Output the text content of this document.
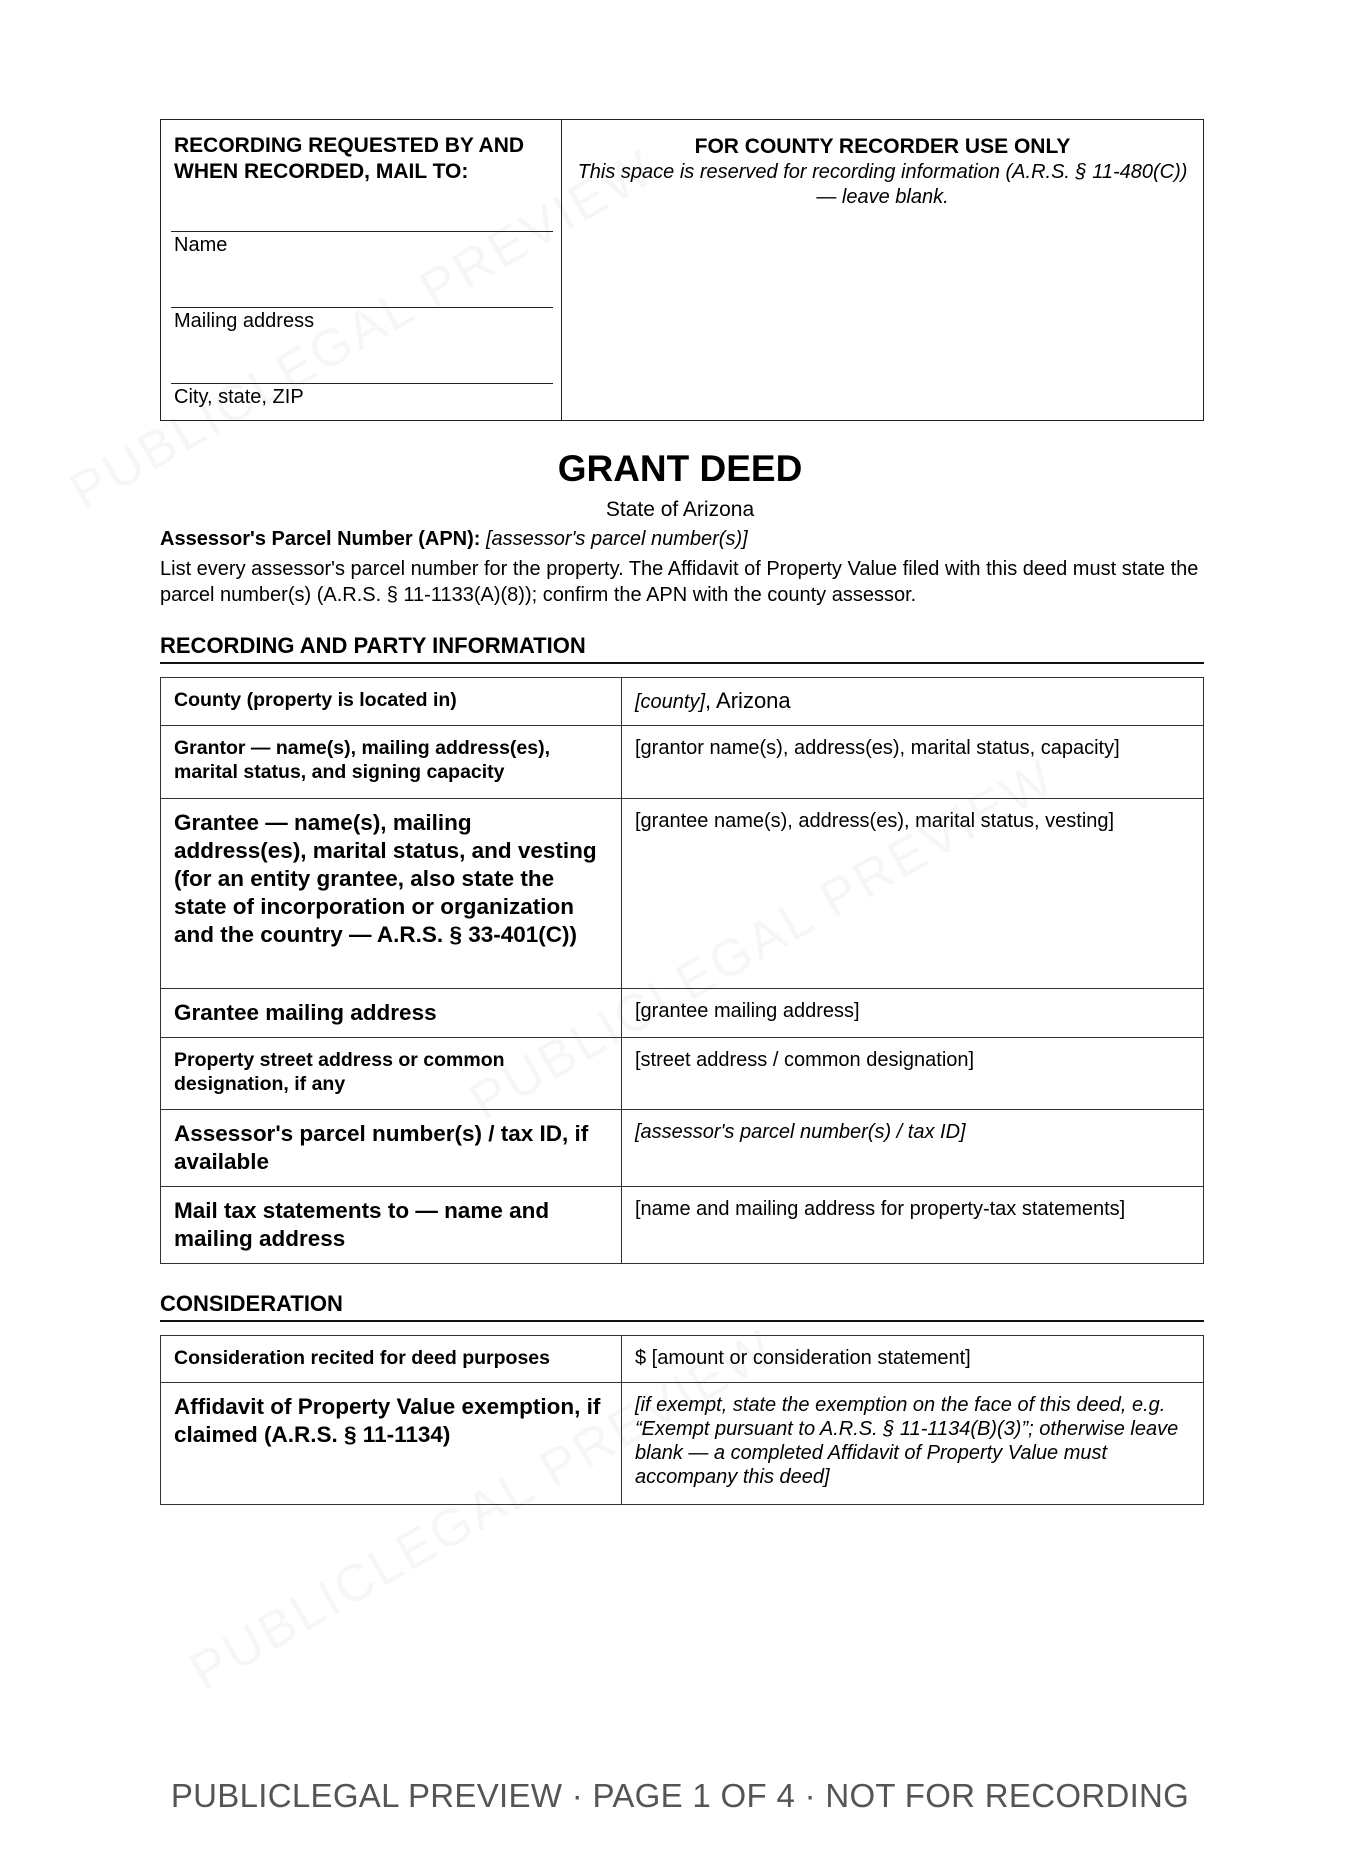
RECORDING REQUESTED BY AND WHEN RECORDED, MAIL TO:
Name
Mailing address
City, state, ZIP
FOR COUNTY RECORDER USE ONLY
This space is reserved for recording information (A.R.S. § 11-480(C)) — leave blank.
GRANT DEED
State of Arizona
Assessor's Parcel Number (APN): [assessor's parcel number(s)]
List every assessor's parcel number for the property. The Affidavit of Property Value filed with this deed must state the parcel number(s) (A.R.S. § 11-1133(A)(8)); confirm the APN with the county assessor.
RECORDING AND PARTY INFORMATION
County (property is located in)	[county], Arizona
Grantor — name(s), mailing address(es), marital status, and signing capacity	[grantor name(s), address(es), marital status, capacity]
Grantee — name(s), mailing address(es), marital status, and vesting (for an entity grantee, also state the state of incorporation or organization and the country — A.R.S. § 33-401(C))	[grantee name(s), address(es), marital status, vesting]
Grantee mailing address	[grantee mailing address]
Property street address or common designation, if any	[street address / common designation]
Assessor's parcel number(s) / tax ID, if available	[assessor's parcel number(s) / tax ID]
Mail tax statements to — name and mailing address	[name and mailing address for property-tax statements]
CONSIDERATION
Consideration recited for deed purposes	$ [amount or consideration statement]
Affidavit of Property Value exemption, if claimed (A.R.S. § 11-1134)	[if exempt, state the exemption on the face of this deed, e.g. “Exempt pursuant to A.R.S. § 11-1134(B)(3)”; otherwise leave blank — a completed Affidavit of Property Value must accompany this deed]
PUBLICLEGAL PREVIEW · PAGE 1 OF 4 · NOT FOR RECORDING
